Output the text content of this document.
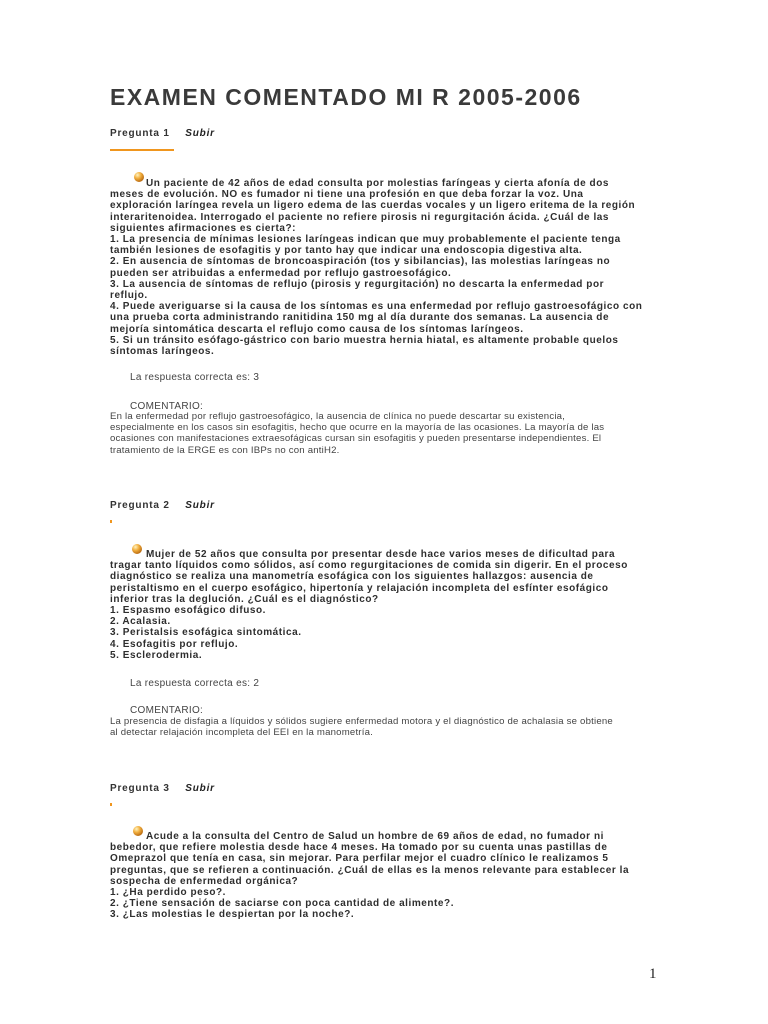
EXAMEN COMENTADO MI R 2005-2006
Pregunta 1 Subir

Un paciente de 42 años de edad consulta por molestias faríngeas y cierta afonía de dos

meses de evolución. NO es fumador ni tiene una profesión en que deba forzar la voz. Una

exploración laríngea revela un ligero edema de las cuerdas vocales y un ligero eritema de la región

interaritenoidea. Interrogado el paciente no refiere pirosis ni regurgitación ácida. ¿Cuál de las

siguientes afirmaciones es cierta?:

1. La presencia de mínimas lesiones laríngeas indican que muy probablemente el paciente tenga

también lesiones de esofagitis y por tanto hay que indicar una endoscopia digestiva alta.

2. En ausencia de síntomas de broncoaspiración (tos y sibilancias), las molestias laríngeas no

pueden ser atribuidas a enfermedad por reflujo gastroesofágico.

3. La ausencia de síntomas de reflujo (pirosis y regurgitación) no descarta la enfermedad por

reflujo.

4. Puede averiguarse si la causa de los síntomas es una enfermedad por reflujo gastroesofágico con

una prueba corta administrando ranitidina 150 mg al día durante dos semanas. La ausencia de

mejoría sintomática descarta el reflujo como causa de los síntomas laríngeos.

5. Si un tránsito esófago-gástrico con bario muestra hernia hiatal, es altamente probable quelos

síntomas laríngeos.

La respuesta correcta es: 3

COMENTARIO:

En la enfermedad por reflujo gastroesofágico, la ausencia de clínica no puede descartar su existencia,

especialmente en los casos sin esofagitis, hecho que ocurre en la mayoría de las ocasiones. La mayoría de las

ocasiones con manifestaciones extraesofágicas cursan sin esofagitis y pueden presentarse independientes. El

tratamiento de la ERGE es con IBPs no con antiH2.

Pregunta 2 Subir

Mujer de 52 años que consulta por presentar desde hace varios meses de dificultad para

tragar tanto líquidos como sólidos, así como regurgitaciones de comida sin digerir. En el proceso

diagnóstico se realiza una manometría esofágica con los siguientes hallazgos: ausencia de

peristaltismo en el cuerpo esofágico, hipertonía y relajación incompleta del esfínter esofágico

inferior tras la deglución. ¿Cuál es el diagnóstico?

1. Espasmo esofágico difuso.

2. Acalasia.

3. Peristalsis esofágica sintomática.

4. Esofagitis por reflujo.

5. Esclerodermia.

La respuesta correcta es: 2

COMENTARIO:

La presencia de disfagia a líquidos y sólidos sugiere enfermedad motora y el diagnóstico de achalasia se obtiene

al detectar relajación incompleta del EEI en la manometría.

Pregunta 3 Subir

Acude a la consulta del Centro de Salud un hombre de 69 años de edad, no fumador ni

bebedor, que refiere molestia desde hace 4 meses. Ha tomado por su cuenta unas pastillas de

Omeprazol que tenía en casa, sin mejorar. Para perfilar mejor el cuadro clínico le realizamos 5

preguntas, que se refieren a continuación. ¿Cuál de ellas es la menos relevante para establecer la

sospecha de enfermedad orgánica?

1. ¿Ha perdido peso?.

2. ¿Tiene sensación de saciarse con poca cantidad de alimente?.

3. ¿Las molestias le despiertan por la noche?.

1
